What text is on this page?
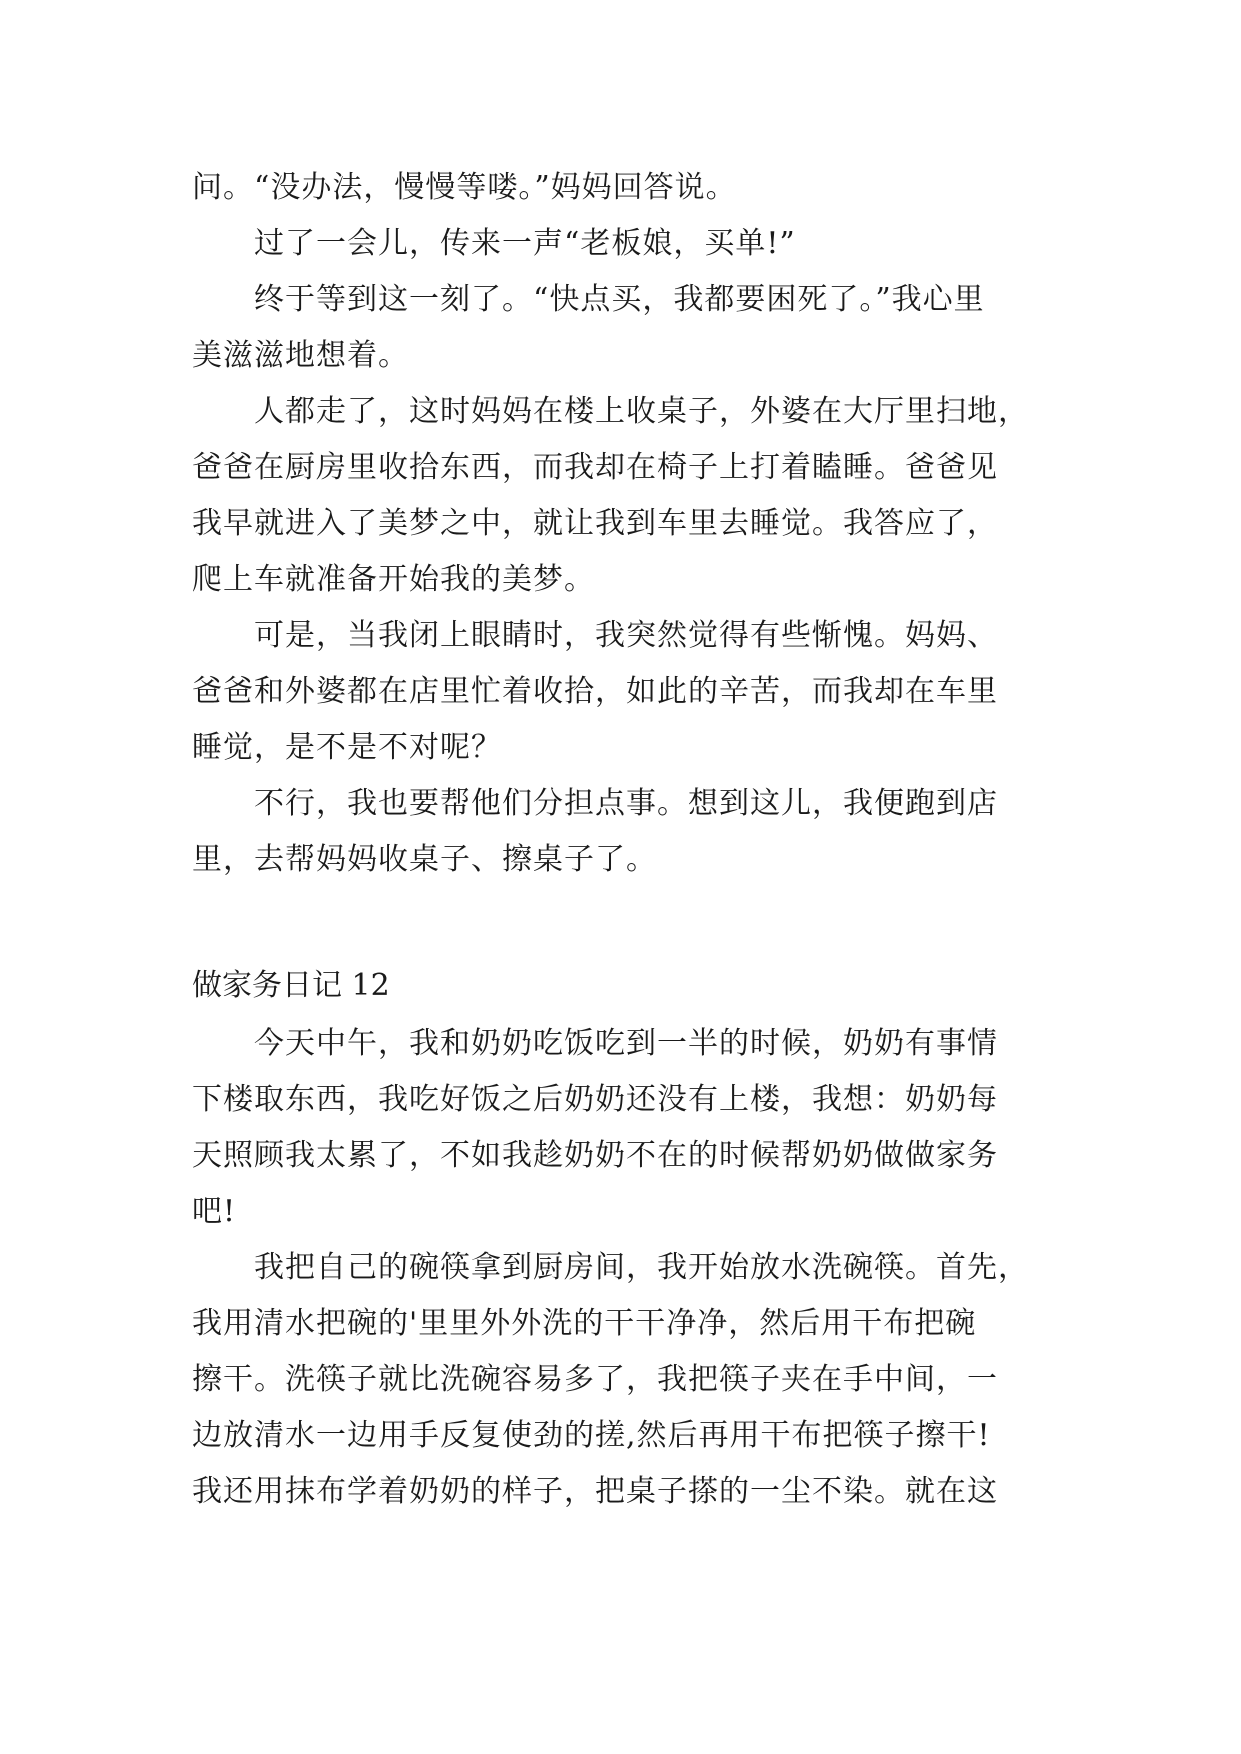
问。“没办法，慢慢等喽。”妈妈回答说。
过了一会儿，传来一声“老板娘，买单!”
终于等到这一刻了。“快点买，我都要困死了。”我心里
美滋滋地想着。
人都走了，这时妈妈在楼上收桌子，外婆在大厅里扫地，
爸爸在厨房里收拾东西，而我却在椅子上打着瞌睡。爸爸见
我早就进入了美梦之中，就让我到车里去睡觉。我答应了，
爬上车就准备开始我的美梦。
可是，当我闭上眼睛时，我突然觉得有些惭愧。妈妈、
爸爸和外婆都在店里忙着收拾，如此的辛苦，而我却在车里
睡觉，是不是不对呢？
不行，我也要帮他们分担点事。想到这儿，我便跑到店
里，去帮妈妈收桌子、擦桌子了。
做家务日记 12
今天中午，我和奶奶吃饭吃到一半的时候，奶奶有事情
下楼取东西，我吃好饭之后奶奶还没有上楼，我想：奶奶每
天照顾我太累了，不如我趁奶奶不在的时候帮奶奶做做家务
吧!
我把自己的碗筷拿到厨房间，我开始放水洗碗筷。首先，
我用清水把碗的'里里外外洗的干干净净，然后用干布把碗
擦干。洗筷子就比洗碗容易多了，我把筷子夹在手中间，一
边放清水一边用手反复使劲的搓,然后再用干布把筷子擦干!
我还用抹布学着奶奶的样子，把桌子搽的一尘不染。就在这
